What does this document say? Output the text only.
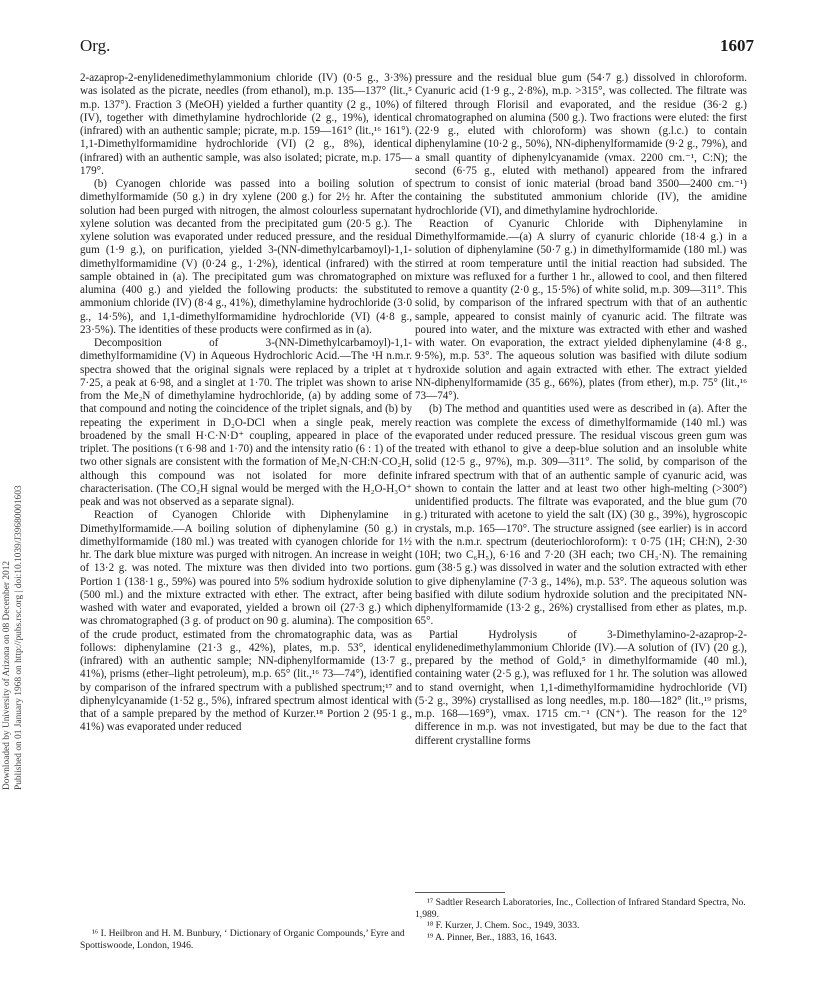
Downloaded by University of Arizona on 08 December 2012 Published on 01 January 1968 on http://pubs.rsc.org | doi:10.1039/J39680001603
Org.	1607

2-azaprop-2-enylidenedimethylammonium chloride (IV) (0·5 g., 3·3%) was isolated as the picrate, needles (from ethanol), m.p. 135—137° (lit.,⁵ m.p. 137°). Fraction 3 (MeOH) yielded a further quantity (2 g., 10%) of (IV), together with dimethylamine hydrochloride (2 g., 19%), identical (infrared) with an authentic sample; picrate, m.p. 159—161° (lit.,¹⁶ 161°). 1,1-Dimethylformamidine hydrochloride (VI) (2 g., 8%), identical (infrared) with an authentic sample, was also isolated; picrate, m.p. 175—179°.

(b) Cyanogen chloride was passed into a boiling solution of dimethylformamide (50 g.) in dry xylene (200 g.) for 2½ hr. After the solution had been purged with nitrogen, the almost colourless supernatant xylene solution was decanted from the precipitated gum (20·5 g.). The xylene solution was evaporated under reduced pressure, and the residual gum (1·9 g.), on purification, yielded 3-(NN-dimethylcarbamoyl)-1,1-dimethylformamidine (V) (0·24 g., 1·2%), identical (infrared) with the sample obtained in (a). The precipitated gum was chromatographed on alumina (400 g.) and yielded the following products: the substituted ammonium chloride (IV) (8·4 g., 41%), dimethylamine hydrochloride (3·0 g., 14·5%), and 1,1-dimethylformamidine hydrochloride (VI) (4·8 g., 23·5%). The identities of these products were confirmed as in (a).

Decomposition of 3-(NN-Dimethylcarbamoyl)-1,1-dimethylformamidine (V) in Aqueous Hydrochloric Acid.—The ¹H n.m.r. spectra showed that the original signals were replaced by a triplet at τ 7·25, a peak at 6·98, and a singlet at 1·70. The triplet was shown to arise from the Me₂N of dimethylamine hydrochloride, (a) by adding some of that compound and noting the coincidence of the triplet signals, and (b) by repeating the experiment in D₂O-DCl when a single peak, merely broadened by the small H·C·N·D⁺ coupling, appeared in place of the triplet. The positions (τ 6·98 and 1·70) and the intensity ratio (6 : 1) of the two other signals are consistent with the formation of Me₂N·CH:N·CO₂H, although this compound was not isolated for more definite characterisation. (The CO₂H signal would be merged with the H₂O-H₃O⁺ peak and was not observed as a separate signal).

Reaction of Cyanogen Chloride with Diphenylamine in Dimethylformamide.—A boiling solution of diphenylamine (50 g.) in dimethylformamide (180 ml.) was treated with cyanogen chloride for 1½ hr. The dark blue mixture was purged with nitrogen. An increase in weight of 13·2 g. was noted. The mixture was then divided into two portions. Portion 1 (138·1 g., 59%) was poured into 5% sodium hydroxide solution (500 ml.) and the mixture extracted with ether. The extract, after being washed with water and evaporated, yielded a brown oil (27·3 g.) which was chromatographed (3 g. of product on 90 g. alumina). The composition of the crude product, estimated from the chromatographic data, was as follows: diphenylamine (21·3 g., 42%), plates, m.p. 53°, identical (infrared) with an authentic sample; NN-diphenylformamide (13·7 g., 41%), prisms (ether–light petroleum), m.p. 65° (lit.,¹⁶ 73—74°), identified by comparison of the infrared spectrum with a published spectrum;¹⁷ and diphenylcyanamide (1·52 g., 5%), infrared spectrum almost identical with that of a sample prepared by the method of Kurzer.¹⁸ Portion 2 (95·1 g., 41%) was evaporated under reduced

¹⁶ I. Heilbron and H. M. Bunbury, ‘ Dictionary of Organic Compounds,’ Eyre and Spottiswoode, London, 1946.

pressure and the residual blue gum (54·7 g.) dissolved in chloroform. Cyanuric acid (1·9 g., 2·8%), m.p. >315°, was collected. The filtrate was filtered through Florisil and evaporated, and the residue (36·2 g.) chromatographed on alumina (500 g.). Two fractions were eluted: the first (22·9 g., eluted with chloroform) was shown (g.l.c.) to contain diphenylamine (10·2 g., 50%), NN-diphenylformamide (9·2 g., 79%), and a small quantity of diphenylcyanamide (νmax. 2200 cm.⁻¹, C:N); the second (6·75 g., eluted with methanol) appeared from the infrared spectrum to consist of ionic material (broad band 3500—2400 cm.⁻¹) containing the substituted ammonium chloride (IV), the amidine hydrochloride (VI), and dimethylamine hydrochloride.

Reaction of Cyanuric Chloride with Diphenylamine in Dimethylformamide.—(a) A slurry of cyanuric chloride (18·4 g.) in a solution of diphenylamine (50·7 g.) in dimethylformamide (180 ml.) was stirred at room temperature until the initial reaction had subsided. The mixture was refluxed for a further 1 hr., allowed to cool, and then filtered to remove a quantity (2·0 g., 15·5%) of white solid, m.p. 309—311°. This solid, by comparison of the infrared spectrum with that of an authentic sample, appeared to consist mainly of cyanuric acid. The filtrate was poured into water, and the mixture was extracted with ether and washed with water. On evaporation, the extract yielded diphenylamine (4·8 g., 9·5%), m.p. 53°. The aqueous solution was basified with dilute sodium hydroxide solution and again extracted with ether. The extract yielded NN-diphenylformamide (35 g., 66%), plates (from ether), m.p. 75° (lit.,¹⁶ 73—74°).

(b) The method and quantities used were as described in (a). After the reaction was complete the excess of dimethylformamide (140 ml.) was evaporated under reduced pressure. The residual viscous green gum was treated with ethanol to give a deep-blue solution and an insoluble white solid (12·5 g., 97%), m.p. 309—311°. The solid, by comparison of the infrared spectrum with that of an authentic sample of cyanuric acid, was shown to contain the latter and at least two other high-melting (>300°) unidentified products. The filtrate was evaporated, and the blue gum (70 g.) triturated with acetone to yield the salt (IX) (30 g., 39%), hygroscopic crystals, m.p. 165—170°. The structure assigned (see earlier) is in accord with the n.m.r. spectrum (deuteriochloroform): τ 0·75 (1H; CH:N), 2·30 (10H; two C₆H₅), 6·16 and 7·20 (3H each; two CH₃·N). The remaining gum (38·5 g.) was dissolved in water and the solution extracted with ether to give diphenylamine (7·3 g., 14%), m.p. 53°. The aqueous solution was basified with dilute sodium hydroxide solution and the precipitated NN-diphenylformamide (13·2 g., 26%) crystallised from ether as plates, m.p. 65°.

Partial Hydrolysis of 3-Dimethylamino-2-azaprop-2-enylidenedimethylammonium Chloride (IV).—A solution of (IV) (20 g.), prepared by the method of Gold,⁵ in dimethylformamide (40 ml.), containing water (2·5 g.), was refluxed for 1 hr. The solution was allowed to stand overnight, when 1,1-dimethylformamidine hydrochloride (VI) (5·2 g., 39%) crystallised as long needles, m.p. 180—182° (lit.,¹⁹ prisms, m.p. 168—169°), νmax. 1715 cm.⁻¹ (CN⁺). The reason for the 12° difference in m.p. was not investigated, but may be due to the fact that different crystalline forms

¹⁷ Sadtler Research Laboratories, Inc., Collection of Infrared Standard Spectra, No. 1,989.

¹⁸ F. Kurzer, J. Chem. Soc., 1949, 3033.

¹⁹ A. Pinner, Ber., 1883, 16, 1643.
